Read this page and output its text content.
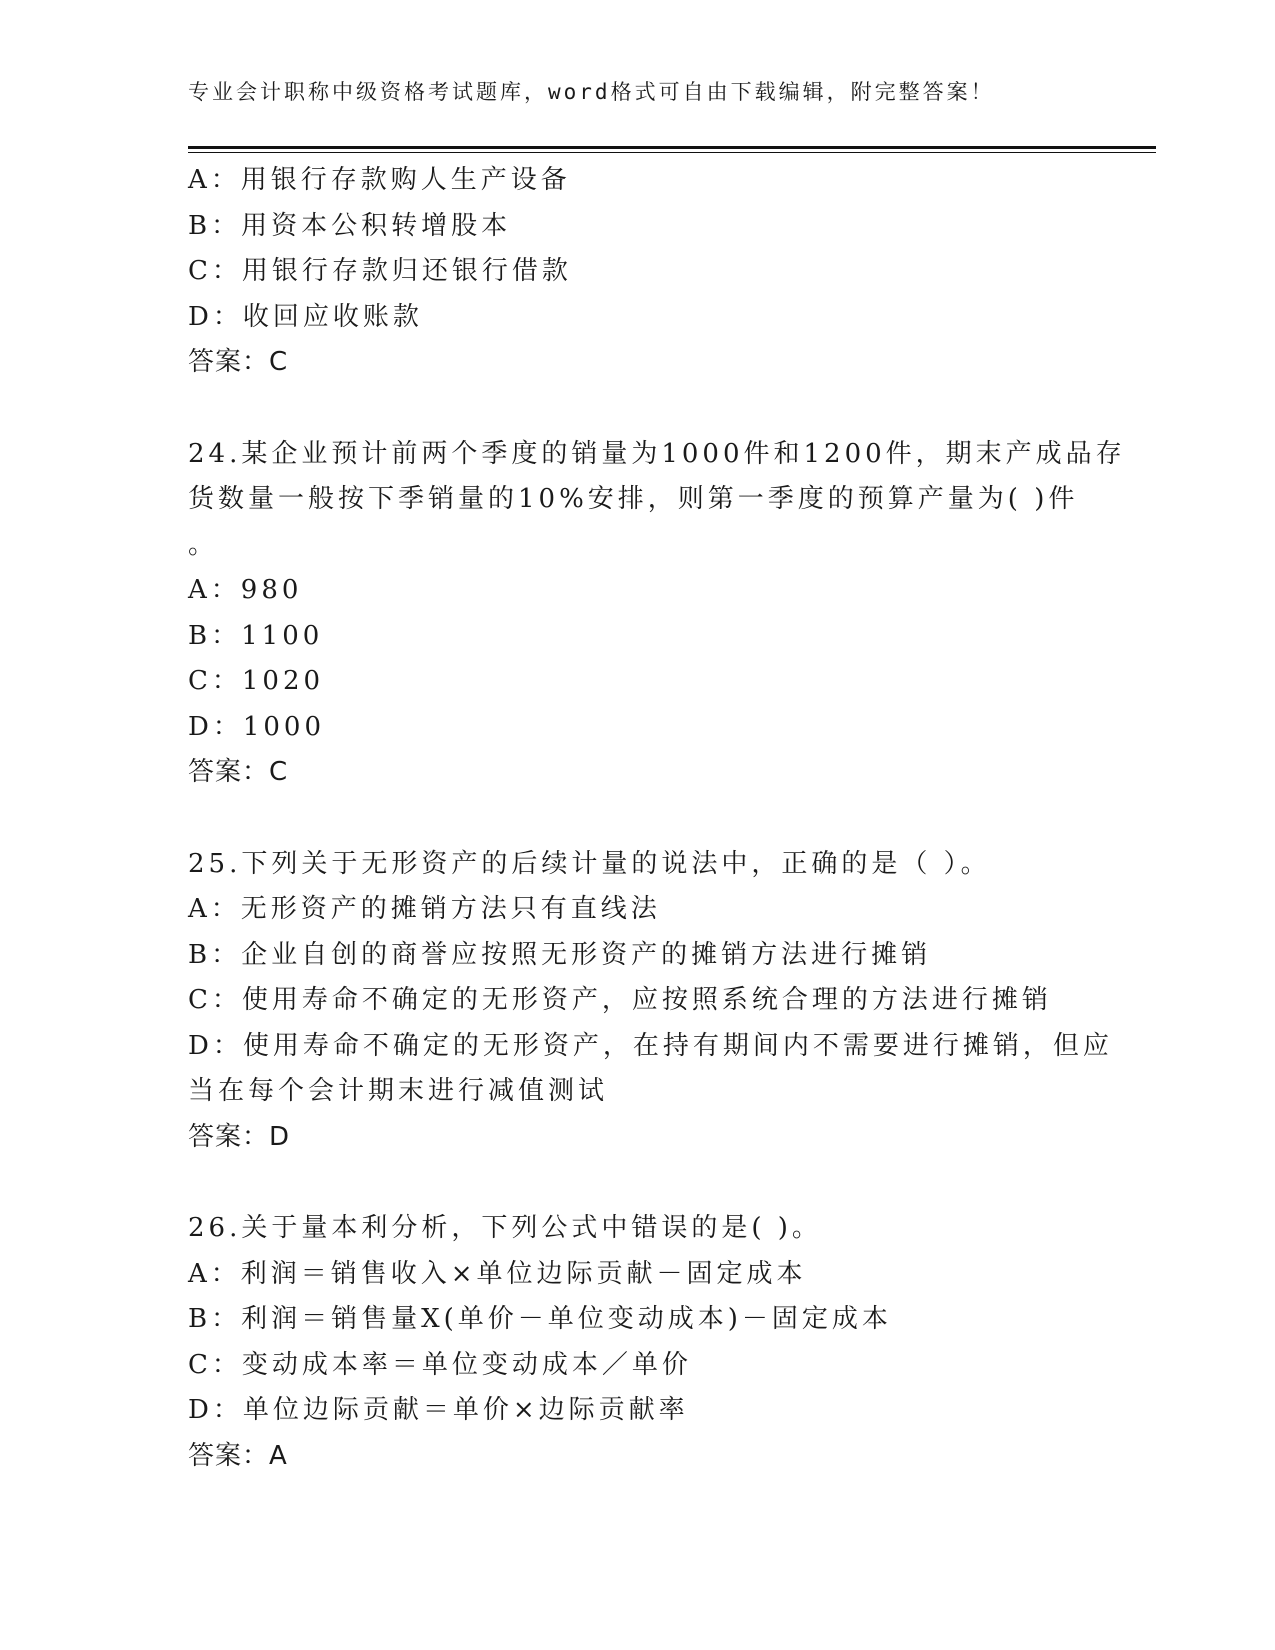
专业会计职称中级资格考试题库，word格式可自由下载编辑，附完整答案！
A：用银行存款购人生产设备
B：用资本公积转增股本
C：用银行存款归还银行借款
D：收回应收账款
答案：C
24.某企业预计前两个季度的销量为1000件和1200件，期末产成品存
货数量一般按下季销量的10%安排，则第一季度的预算产量为( )件
。
A：980
B：1100
C：1020
D：1000
答案：C
25.下列关于无形资产的后续计量的说法中，正确的是（ ）。
A：无形资产的摊销方法只有直线法
B：企业自创的商誉应按照无形资产的摊销方法进行摊销
C：使用寿命不确定的无形资产，应按照系统合理的方法进行摊销
D：使用寿命不确定的无形资产，在持有期间内不需要进行摊销，但应
当在每个会计期末进行减值测试
答案：D
26.关于量本利分析，下列公式中错误的是( )。
A：利润＝销售收入×单位边际贡献－固定成本
B：利润＝销售量X(单价－单位变动成本)－固定成本
C：变动成本率＝单位变动成本／单价
D：单位边际贡献＝单价×边际贡献率
答案：A
